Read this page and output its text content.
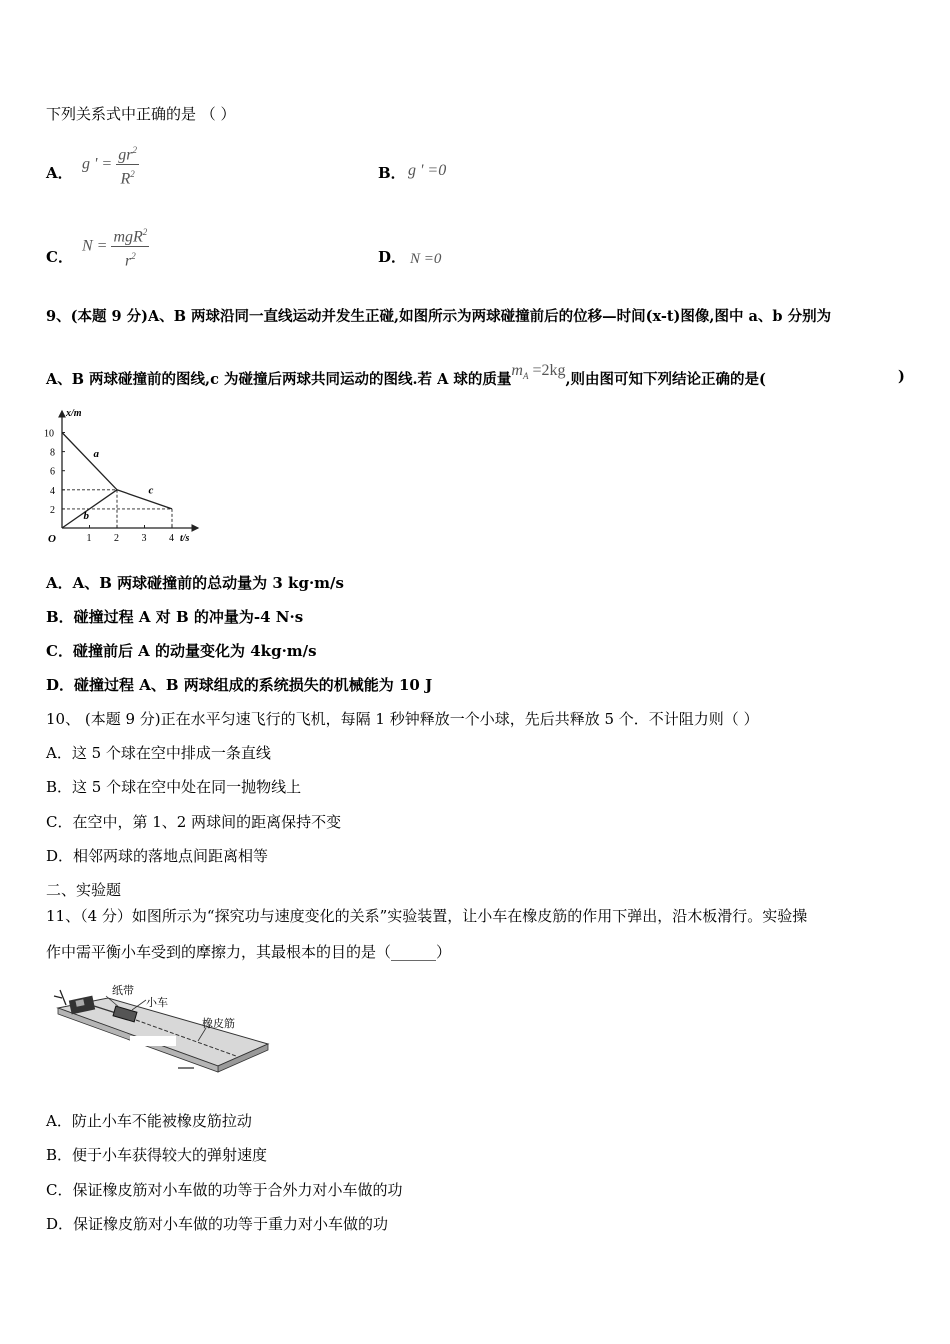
下列关系式中正确的是 （ ）
A． g ' = $\frac{gr^2}{R^2}$	B． g ' =0
C．
$N = \frac{mgR^2}{r^2}$	D． N =0
9、(本题 9 分)A、B 两球沿同一直线运动并发生正碰,如图所示为两球碰撞前后的位移—时间(x-t)图像,图中 a、b 分别为
A、B 两球碰撞前的图线,c 为碰撞后两球共同运动的图线.若 A 球的质量$m_A =2kg$,则由图可知下列结论正确的是(	)
x/m
t/s
O	1 2 3 4
2
4
6
8
10
a
b
c
A．A、B 两球碰撞前的总动量为 3 kg·m/s
B．碰撞过程 A 对 B 的冲量为-4 N·s
C．碰撞前后 A 的动量变化为 4kg·m/s
D．碰撞过程 A、B 两球组成的系统损失的机械能为 10 J
10、 (本题 9 分)正在水平匀速飞行的飞机，每隔 1 秒钟释放一个小球，先后共释放 5 个．不计阻力则（ ）
A．这 5 个球在空中排成一条直线
B．这 5 个球在空中处在同一抛物线上
C．在空中，第 1、2 两球间的距离保持不变
D．相邻两球的落地点间距离相等
二、实验题
11、（4 分）如图所示为“探究功与速度变化的关系”实验装置，让小车在橡皮筋的作用下弹出，沿木板滑行。实验操
作中需平衡小车受到的摩擦力，其最根本的目的是（______）
纸带
小车
橡皮筋
A．防止小车不能被橡皮筋拉动
B．便于小车获得较大的弹射速度
C．保证橡皮筋对小车做的功等于合外力对小车做的功
D．保证橡皮筋对小车做的功等于重力对小车做的功
